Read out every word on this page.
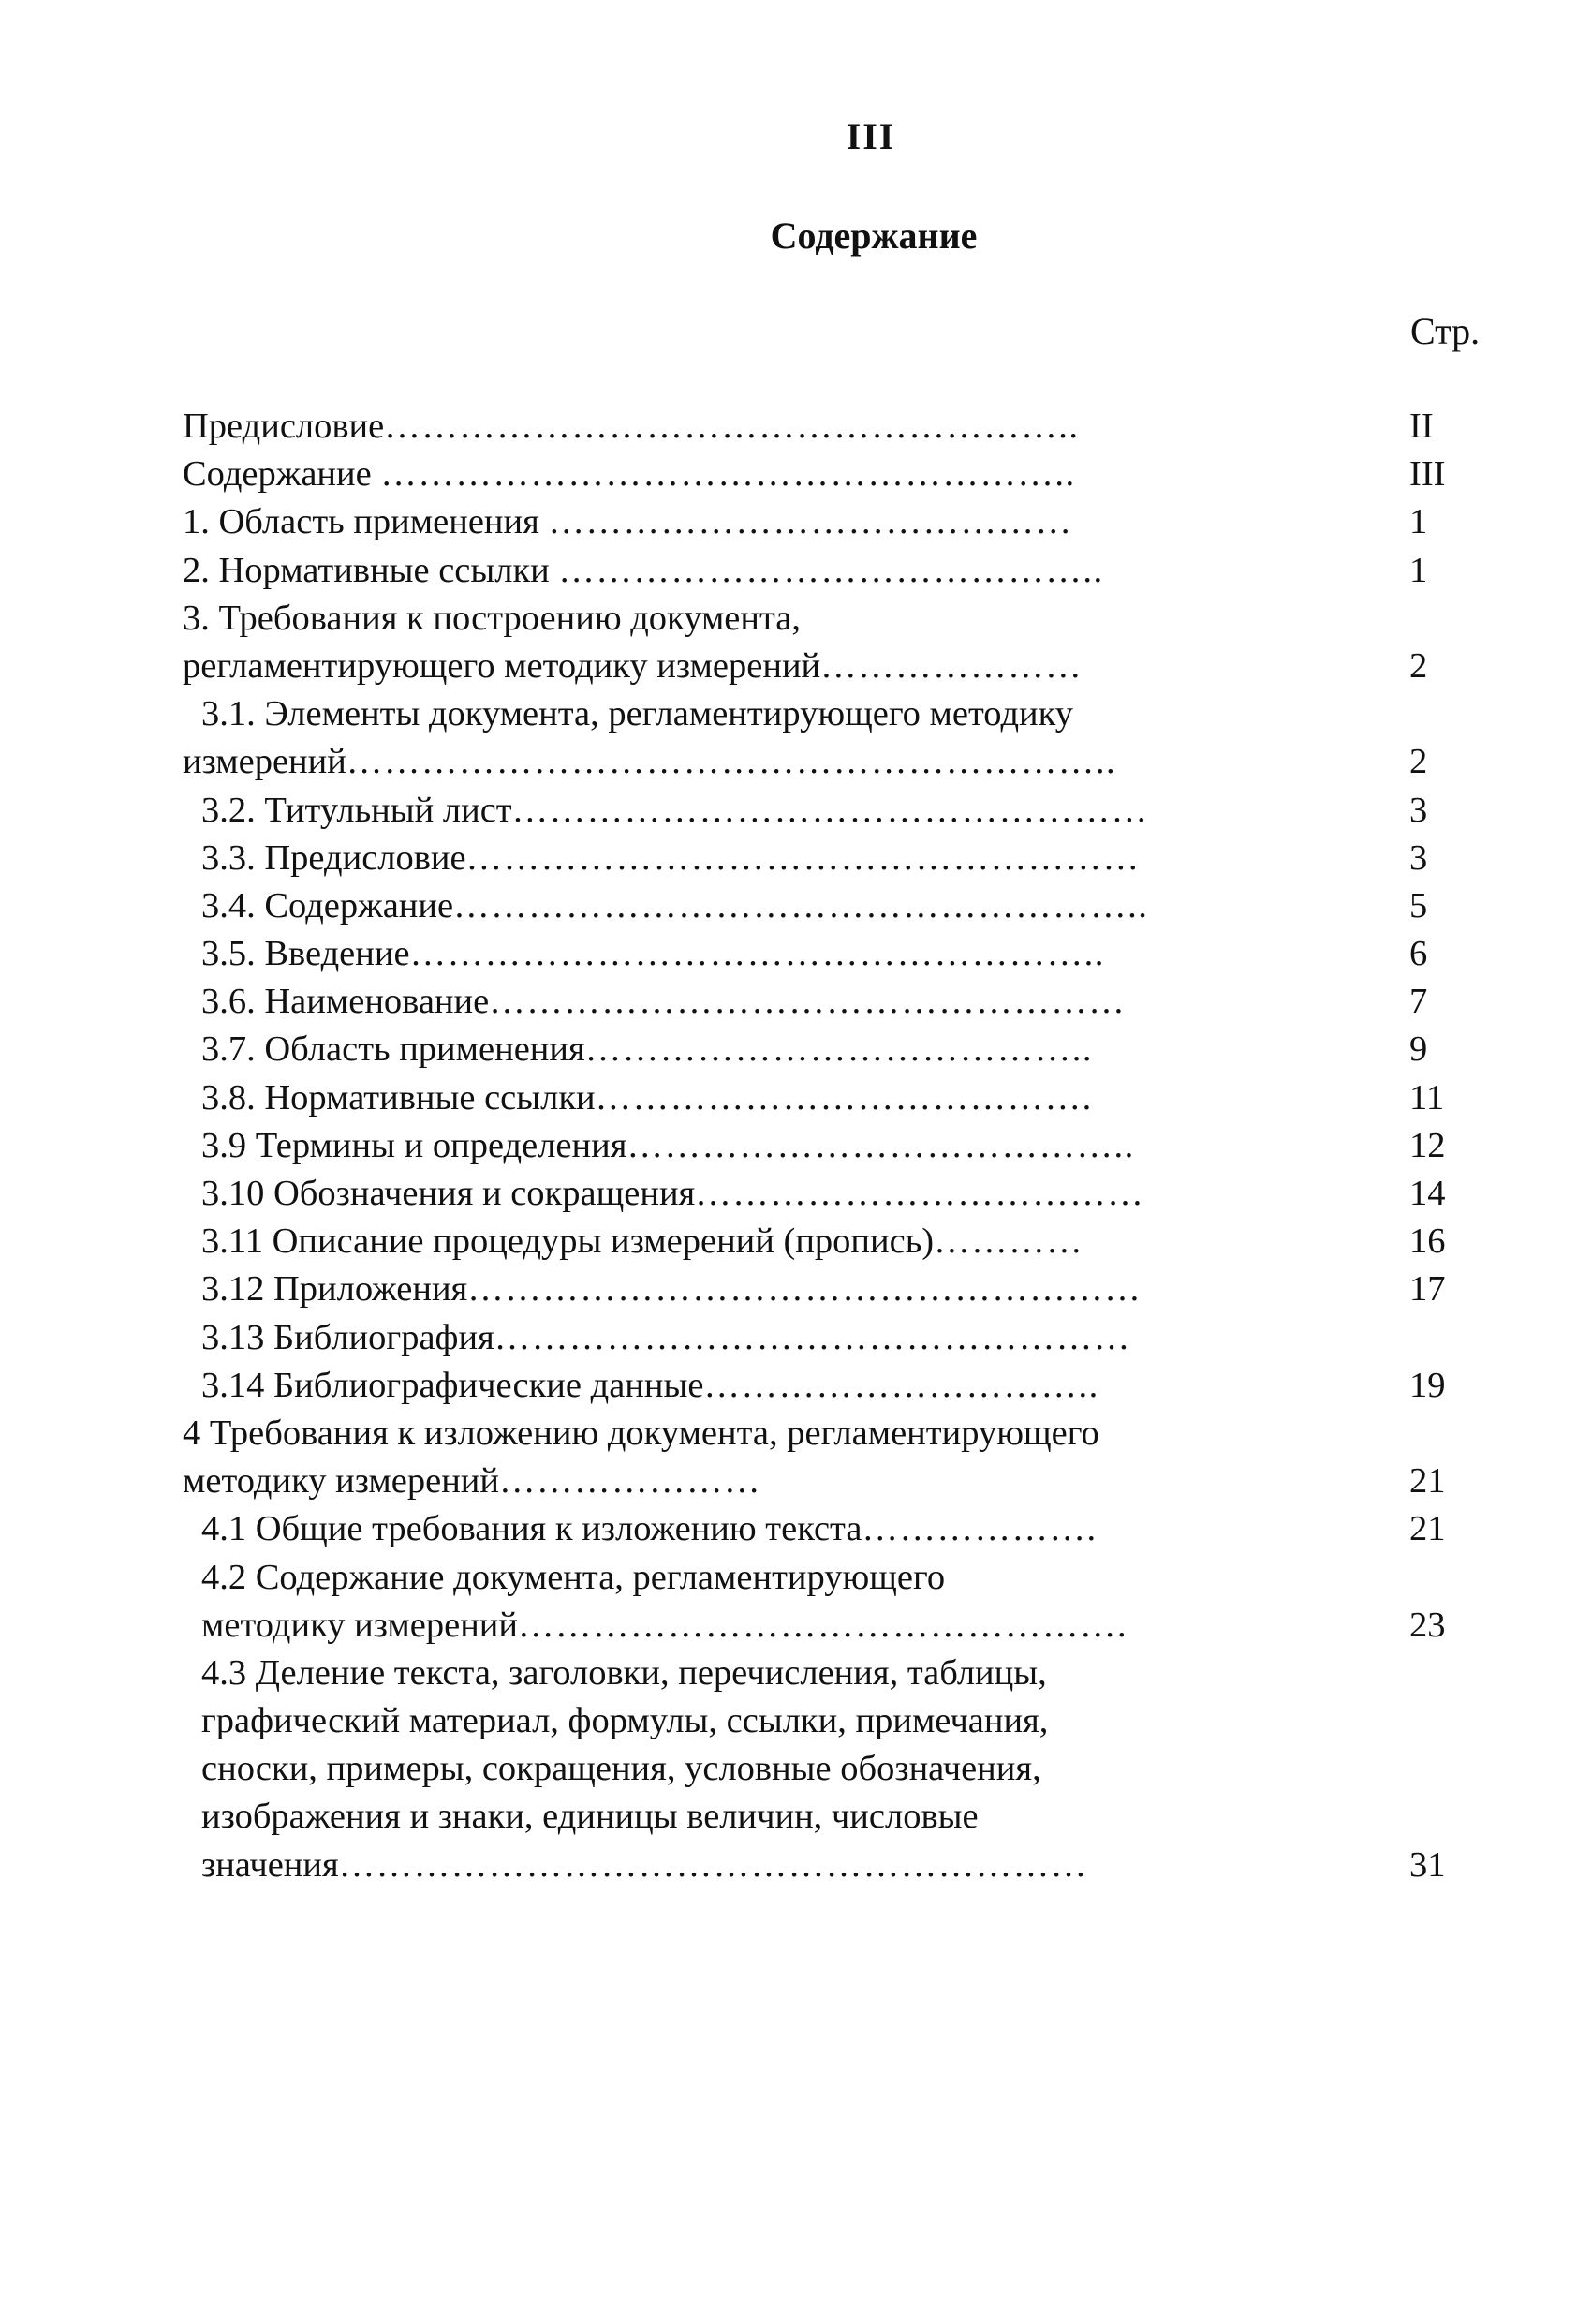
III
Содержание
Стр.
Предисловие………………………………………………..	II
Содержание ………………………………………………..	III
1. Область применения ……………………………………	1
2. Нормативные ссылки ……………………………………..	1
3. Требования к построению документа,
регламентирующего методику измерений…………………	2
3.1. Элементы документа, регламентирующего методику
измерений……………………………………………………..	2
3.2. Титульный лист……………………………………………	3
3.3. Предисловие………………………………………………	3
3.4. Содержание………………………………………………..	5
3.5. Введение………………………………………………..	6
3.6. Наименование……………………………………………	7
3.7. Область применения…………………………………..	9
3.8. Нормативные ссылки………………………………….	11
3.9 Термины и определения…………………………………..	12
3.10 Обозначения и сокращения………………………………	14
3.11 Описание процедуры измерений (пропись)…………	16
3.12 Приложения………………………………………………	17
3.13 Библиография……………………………………………
3.14 Библиографические данные…………………………..	19
4 Требования к изложению документа, регламентирующего
методику измерений…………………	21
4.1 Общие требования к изложению текста……………….	21
4.2 Содержание документа, регламентирующего
методику измерений………………………………………….	23
4.3 Деление текста, заголовки, перечисления, таблицы,
графический материал, формулы, ссылки, примечания,
сноски, примеры, сокращения, условные обозначения,
изображения и знаки, единицы величин, числовые
значения……………………………………………………	31
